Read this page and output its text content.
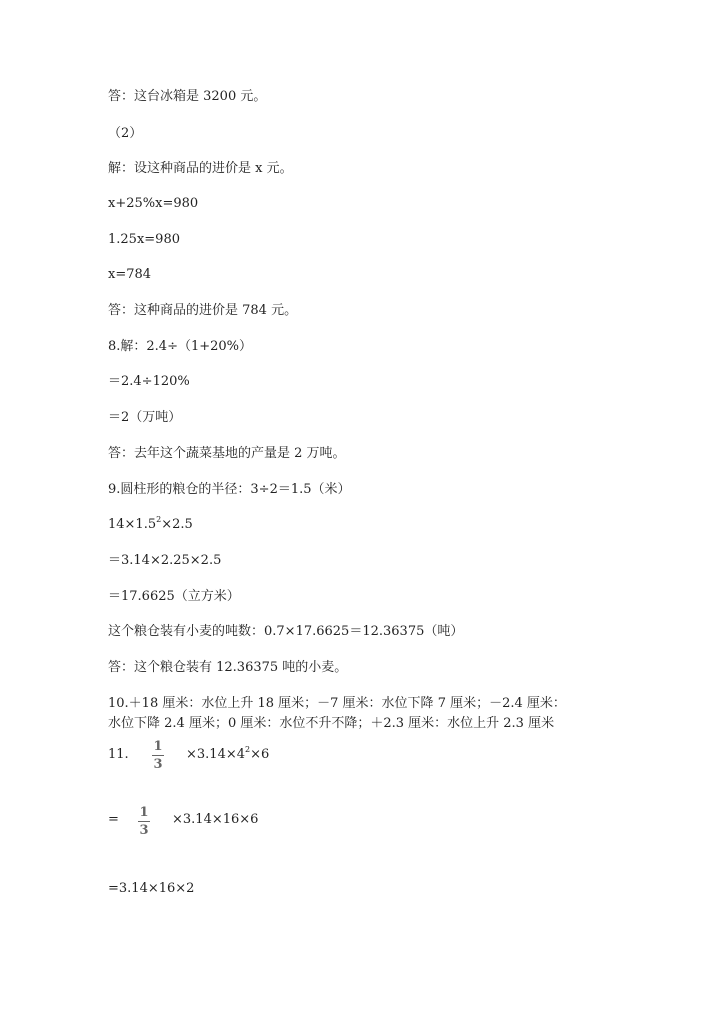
答：这台冰箱是 3200 元。
（2）
解：设这种商品的进价是 x 元。
x+25%x=980
1.25x=980
x=784
答：这种商品的进价是 784 元。
8.解：2.4÷（1+20%）
＝2.4÷120%
＝2（万吨）
答：去年这个蔬菜基地的产量是 2 万吨。
9.圆柱形的粮仓的半径：3÷2＝1.5（米）
$14\times 1.5^2\times 2.5$
＝3.14×2.25×2.5
＝17.6625（立方米）
这个粮仓装有小麦的吨数：0.7×17.6625＝12.36375（吨）
答：这个粮仓装有 12.36375 吨的小麦。
10.＋18 厘米：水位上升 18 厘米；－7 厘米：水位下降 7 厘米；－2.4 厘米：
水位下降 2.4 厘米；0 厘米：水位不升不降；＋2.3 厘米：水位上升 2.3 厘米
11.
1
3
$\times 3.14\times 4^2\times 6$
= 1
3
×3.14×16×6
=3.14×16×2
